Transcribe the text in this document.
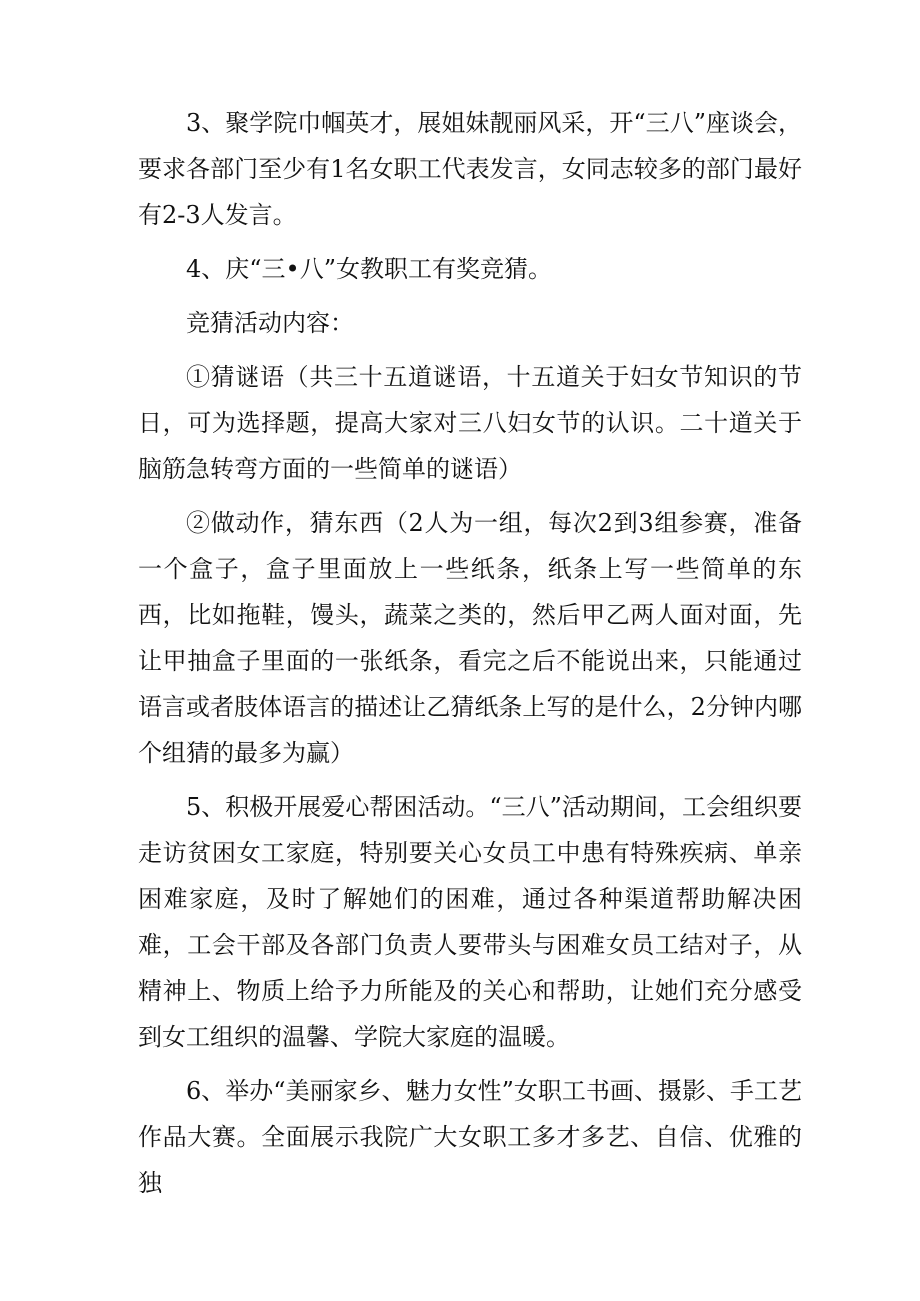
3、聚学院巾帼英才，展姐妹靓丽风采，开“三八”座谈会，要求各部门至少有1名女职工代表发言，女同志较多的部门最好有2-3人发言。

4、庆“三•八”女教职工有奖竞猜。

竞猜活动内容：

①猜谜语（共三十五道谜语，十五道关于妇女节知识的节日，可为选择题，提高大家对三八妇女节的认识。二十道关于脑筋急转弯方面的一些简单的谜语）

②做动作，猜东西（2人为一组，每次2到3组参赛，准备一个盒子，盒子里面放上一些纸条，纸条上写一些简单的东西，比如拖鞋，馒头，蔬菜之类的，然后甲乙两人面对面，先让甲抽盒子里面的一张纸条，看完之后不能说出来，只能通过语言或者肢体语言的描述让乙猜纸条上写的是什么，2分钟内哪个组猜的最多为赢）

5、积极开展爱心帮困活动。“三八”活动期间，工会组织要走访贫困女工家庭，特别要关心女员工中患有特殊疾病、单亲困难家庭，及时了解她们的困难，通过各种渠道帮助解决困难，工会干部及各部门负责人要带头与困难女员工结对子，从精神上、物质上给予力所能及的关心和帮助，让她们充分感受到女工组织的温馨、学院大家庭的温暖。

6、举办“美丽家乡、魅力女性”女职工书画、摄影、手工艺作品大赛。全面展示我院广大女职工多才多艺、自信、优雅的独
